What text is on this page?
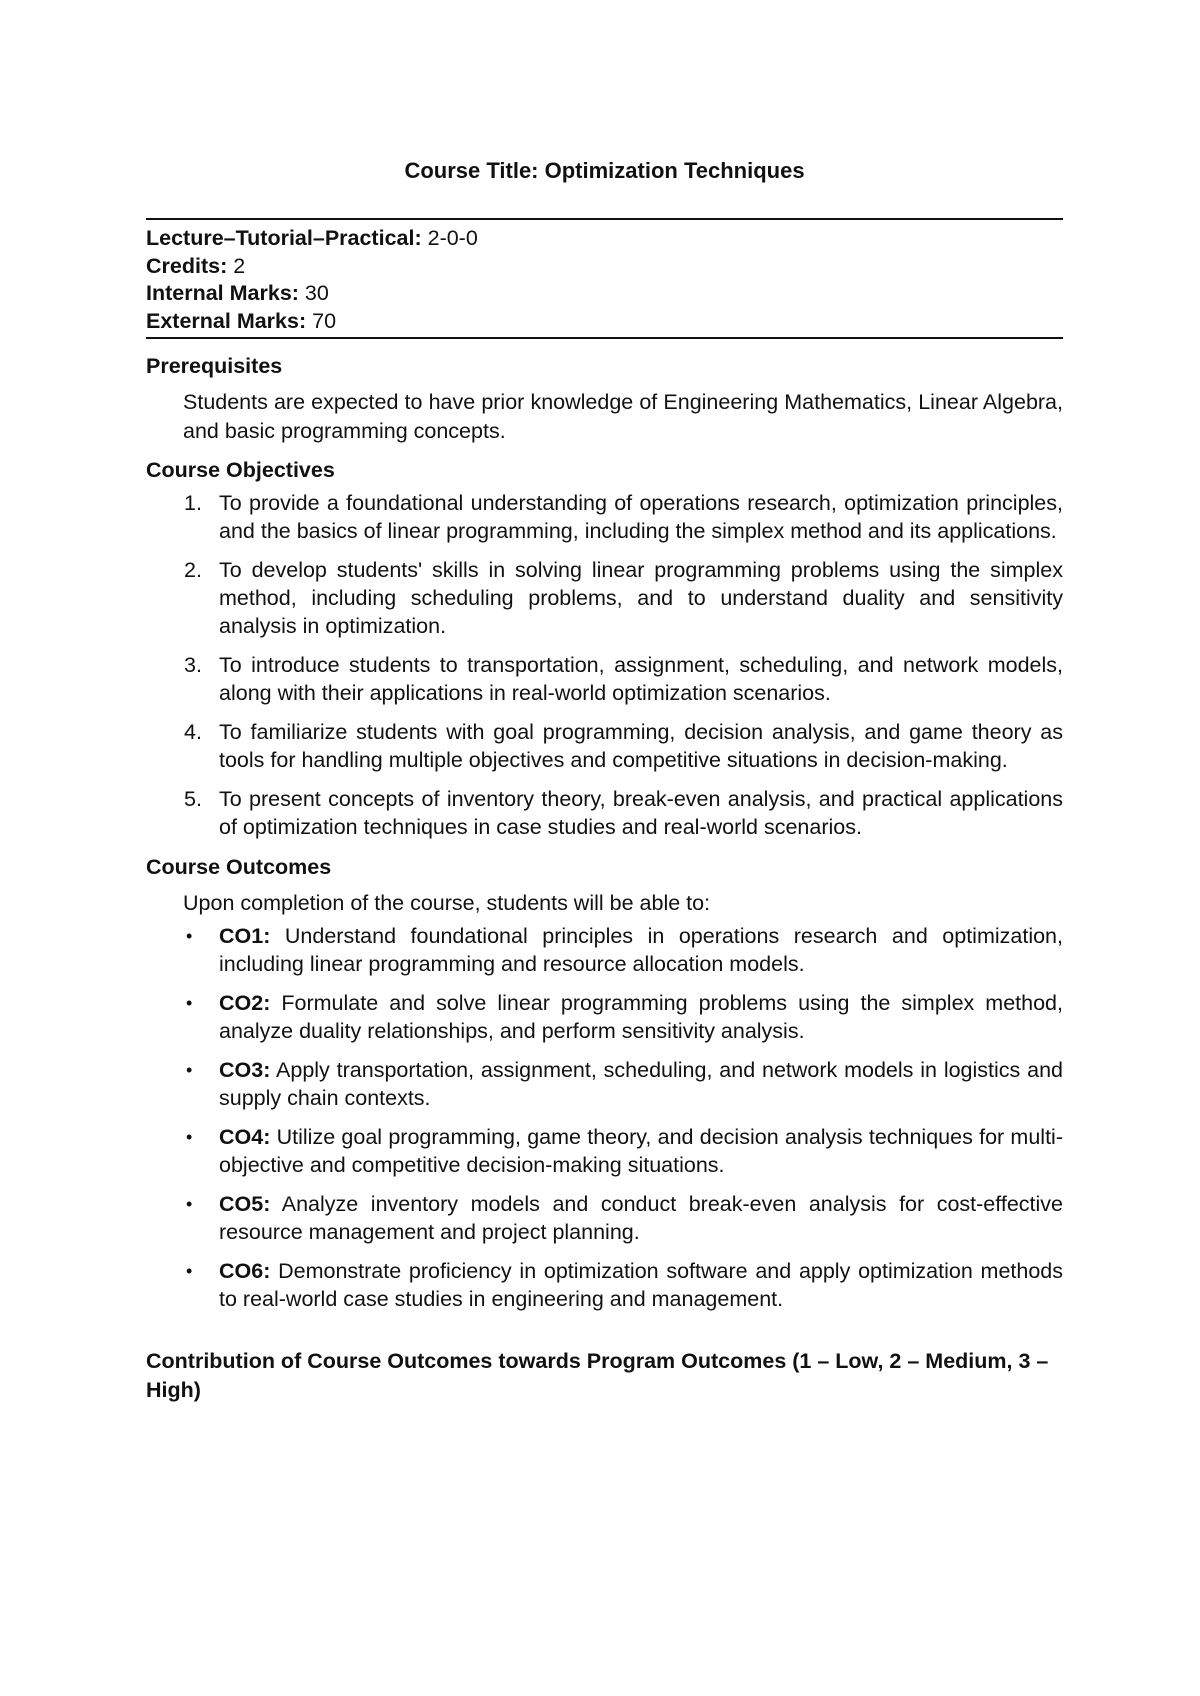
Course Title: Optimization Techniques
Lecture–Tutorial–Practical: 2-0-0
Credits: 2
Internal Marks: 30
External Marks: 70
Prerequisites
Students are expected to have prior knowledge of Engineering Mathematics, Linear Algebra, and basic programming concepts.
Course Objectives
1. To provide a foundational understanding of operations research, optimization principles, and the basics of linear programming, including the simplex method and its applications.
2. To develop students' skills in solving linear programming problems using the simplex method, including scheduling problems, and to understand duality and sensitivity analysis in optimization.
3. To introduce students to transportation, assignment, scheduling, and network models, along with their applications in real-world optimization scenarios.
4. To familiarize students with goal programming, decision analysis, and game theory as tools for handling multiple objectives and competitive situations in decision-making.
5. To present concepts of inventory theory, break-even analysis, and practical applications of optimization techniques in case studies and real-world scenarios.
Course Outcomes
Upon completion of the course, students will be able to:
• CO1: Understand foundational principles in operations research and optimization, including linear programming and resource allocation models.
• CO2: Formulate and solve linear programming problems using the simplex method, analyze duality relationships, and perform sensitivity analysis.
• CO3: Apply transportation, assignment, scheduling, and network models in logistics and supply chain contexts.
• CO4: Utilize goal programming, game theory, and decision analysis techniques for multi-objective and competitive decision-making situations.
• CO5: Analyze inventory models and conduct break-even analysis for cost-effective resource management and project planning.
• CO6: Demonstrate proficiency in optimization software and apply optimization methods to real-world case studies in engineering and management.
Contribution of Course Outcomes towards Program Outcomes (1 – Low, 2 – Medium, 3 – High)
